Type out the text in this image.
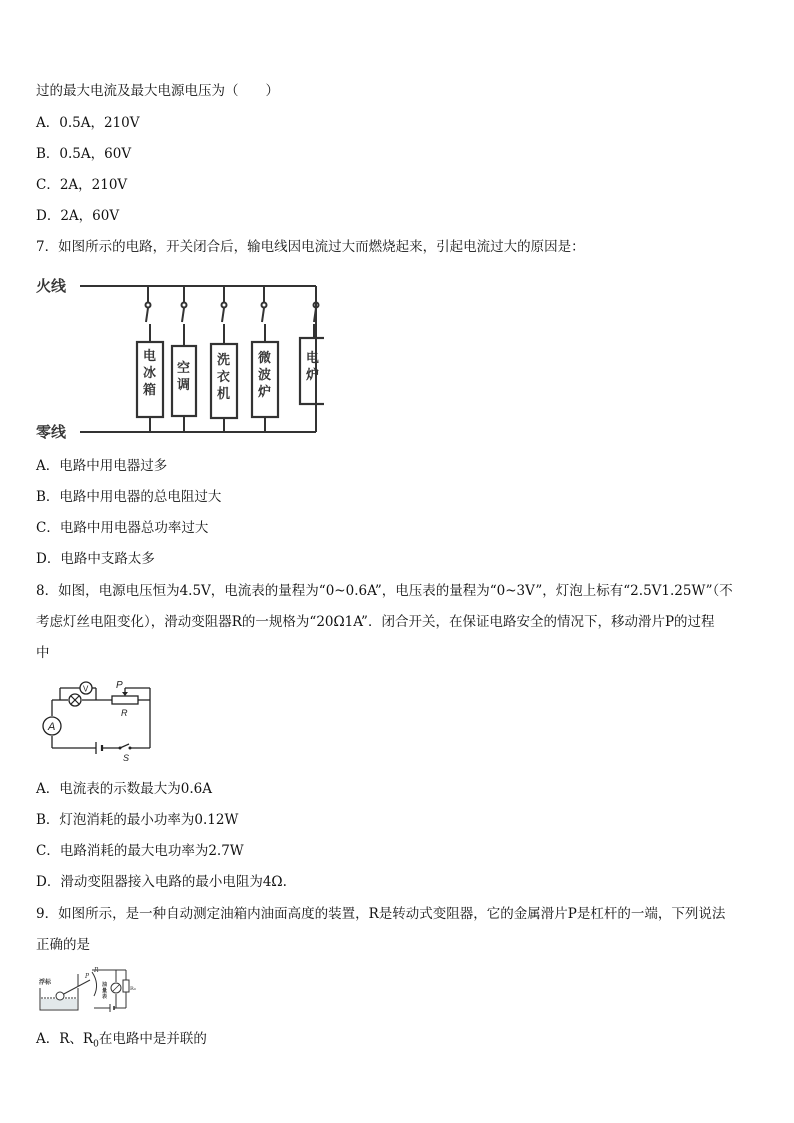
过的最大电流及最大电源电压为（　　）
A．0.5A，210V
B．0.5A，60V
C．2A，210V
D．2A，60V
7．如图所示的电路，开关闭合后，输电线因电流过大而燃烧起来，引起电流过大的原因是：
火线
零线
电冰箱
空调
洗衣机
微波炉
电炉
A．电路中用电器过多
B．电路中用电器的总电阻过大
C．电路中用电器总功率过大
D．电路中支路太多
8．如图，电源电压恒为4.5V，电流表的量程为“0~0.6A”，电压表的量程为“0~3V”，灯泡上标有“2.5V1.25W”（不
考虑灯丝电阻变化），滑动变阻器R的一规格为“20Ω1A”．闭合开关，在保证电路安全的情况下，移动滑片P的过程
中
V
A
P
R
S
A．电流表的示数最大为0.6A
B．灯泡消耗的最小功率为0.12W
C．电路消耗的最大电功率为2.7W
D．滑动变阻器接入电路的最小电阻为4Ω.
9．如图所示，是一种自动测定油箱内油面高度的装置，R是转动式变阻器，它的金属滑片P是杠杆的一端，下列说法
正确的是
浮标
P
R
油量表
R₀
A．R、$R_0$在电路中是并联的
